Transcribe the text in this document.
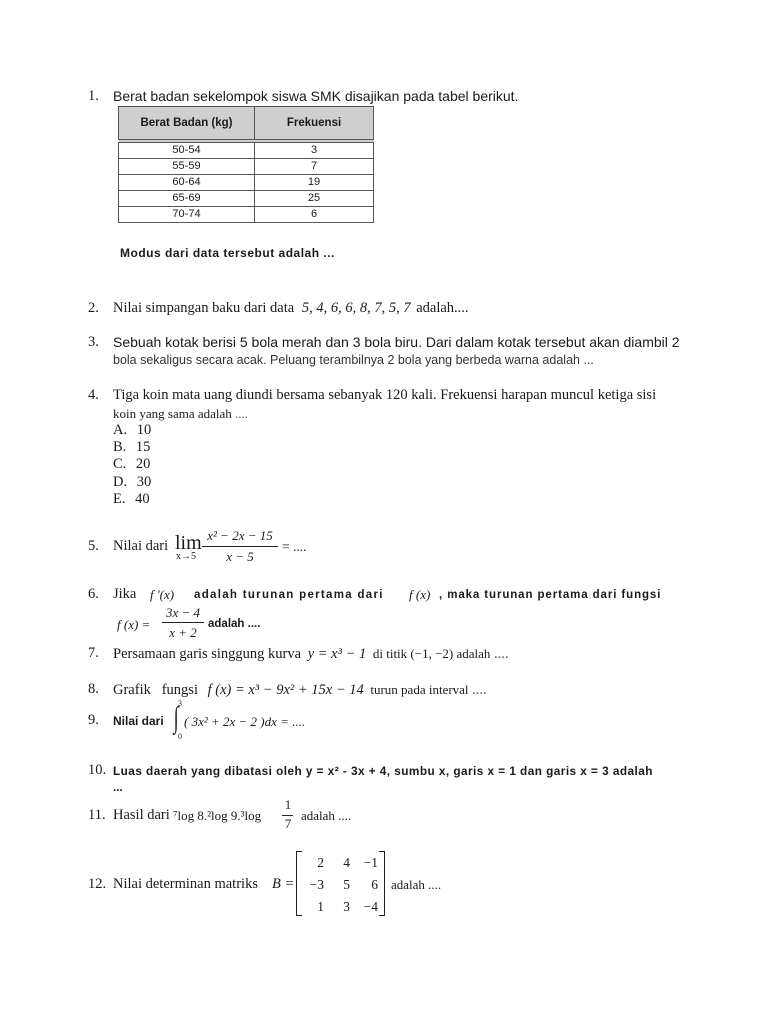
1. Berat badan sekelompok siswa SMK disajikan pada tabel berikut.
Berat Badan (kg)	Frekuensi

50-54	3
55-59	7
60-64	19
65-69	25
70-74	6
Modus dari data tersebut adalah ...
2. Nilai simpangan baku dari data 5, 4, 6, 6, 8, 7, 5, 7 adalah....
3. Sebuah kotak berisi 5 bola merah dan 3 bola biru. Dari dalam kotak tersebut akan diambil 2
bola sekaligus secara acak. Peluang terambilnya 2 bola yang berbeda warna adalah ...
4. Tiga koin mata uang diundi bersama sebanyak 120 kali. Frekuensi harapan muncul ketiga sisi
koin yang sama adalah ....
A. 10
B. 15
C. 20
D. 30
E. 40
5. Nilai dari lim
x→5
x² − 2x − 15
x − 5
= ....
6. Jika f '(x) adalah turunan pertama dari f (x) , maka turunan pertama dari fungsi
f (x) =
3x − 4
x + 2
adalah ....
7. Persamaan garis singgung kurva y = x³ − 1 di titik (−1, −2) adalah ....
8. Grafik   fungsi f (x) = x³ − 9x² + 15x − 14 turun pada interval ....
9. Nilai dari
3
∫
0
( 3x² + 2x − 2 )dx = ....
10. Luas daerah yang dibatasi oleh y = x² - 3x + 4, sumbu x, garis x = 1 dan garis x = 3 adalah
...
11. Hasil dari ⁷log 8.²log 9.³log
1
7
adalah ....
12. Nilai determinan matriks B =
2	4	−1
−3	5	6
1	3	−4
adalah ....
